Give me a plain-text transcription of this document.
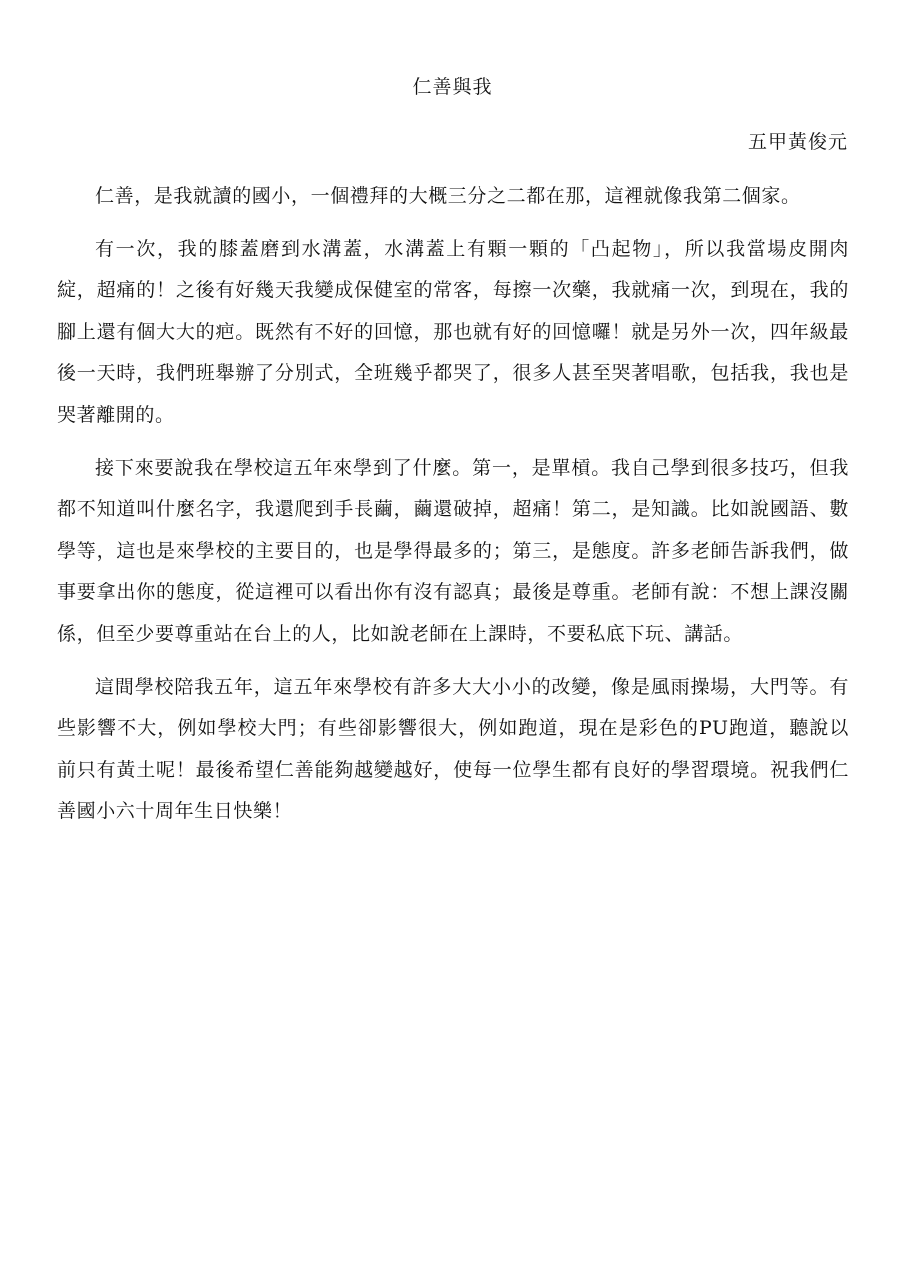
仁善與我
五甲黃俊元

仁善，是我就讀的國小，一個禮拜的大概三分之二都在那，這裡就像我第二個家。

有一次，我的膝蓋磨到水溝蓋，水溝蓋上有顆一顆的「凸起物」，所以我當場皮開肉綻，超痛的！之後有好幾天我變成保健室的常客，每擦一次藥，我就痛一次，到現在，我的腳上還有個大大的疤。既然有不好的回憶，那也就有好的回憶囉！就是另外一次，四年級最後一天時，我們班舉辦了分別式，全班幾乎都哭了，很多人甚至哭著唱歌，包括我，我也是哭著離開的。

接下來要說我在學校這五年來學到了什麼。第一，是單槓。我自己學到很多技巧，但我都不知道叫什麼名字，我還爬到手長繭，繭還破掉，超痛！第二，是知識。比如說國語、數學等，這也是來學校的主要目的，也是學得最多的；第三，是態度。許多老師告訴我們，做事要拿出你的態度，從這裡可以看出你有沒有認真；最後是尊重。老師有說：不想上課沒關係，但至少要尊重站在台上的人，比如說老師在上課時，不要私底下玩、講話。

這間學校陪我五年，這五年來學校有許多大大小小的改變，像是風雨操場，大門等。有些影響不大，例如學校大門；有些卻影響很大，例如跑道，現在是彩色的PU跑道，聽說以前只有黃土呢！最後希望仁善能夠越變越好，使每一位學生都有良好的學習環境。祝我們仁善國小六十周年生日快樂！
